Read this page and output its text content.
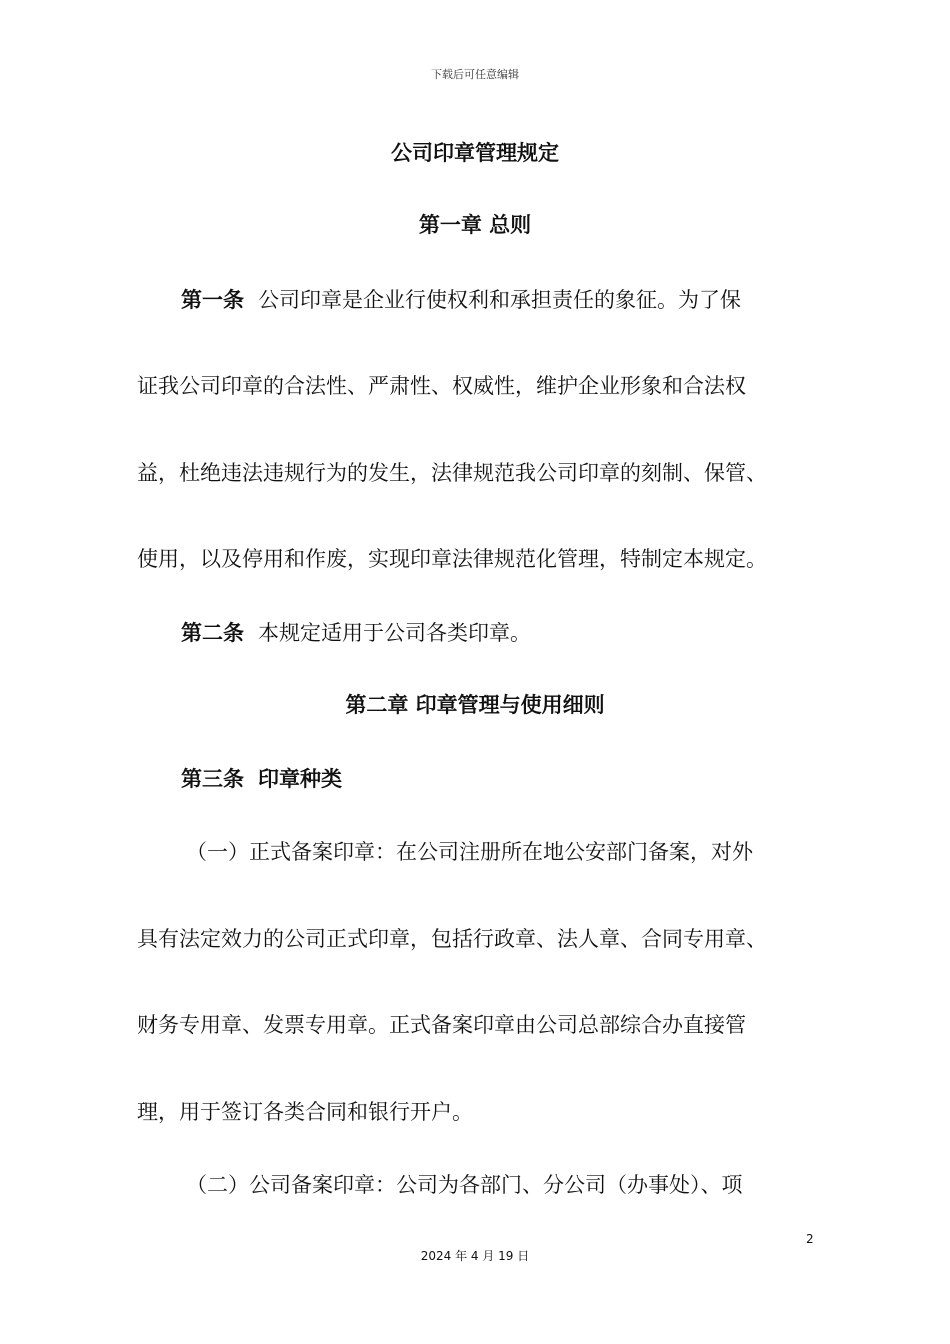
下载后可任意编辑
公司印章管理规定
第一章 总则
第一条 公司印章是企业行使权利和承担责任的象征。为了保
证我公司印章的合法性、严肃性、权威性，维护企业形象和合法权
益，杜绝违法违规行为的发生，法律规范我公司印章的刻制、保管、
使用，以及停用和作废，实现印章法律规范化管理，特制定本规定。
第二条 本规定适用于公司各类印章。
第二章 印章管理与使用细则
第三条 印章种类
（一）正式备案印章：在公司注册所在地公安部门备案，对外
具有法定效力的公司正式印章，包括行政章、法人章、合同专用章、
财务专用章、发票专用章。正式备案印章由公司总部综合办直接管
理，用于签订各类合同和银行开户。
（二）公司备案印章：公司为各部门、分公司（办事处）、项
2
2024 年 4 月 19 日
